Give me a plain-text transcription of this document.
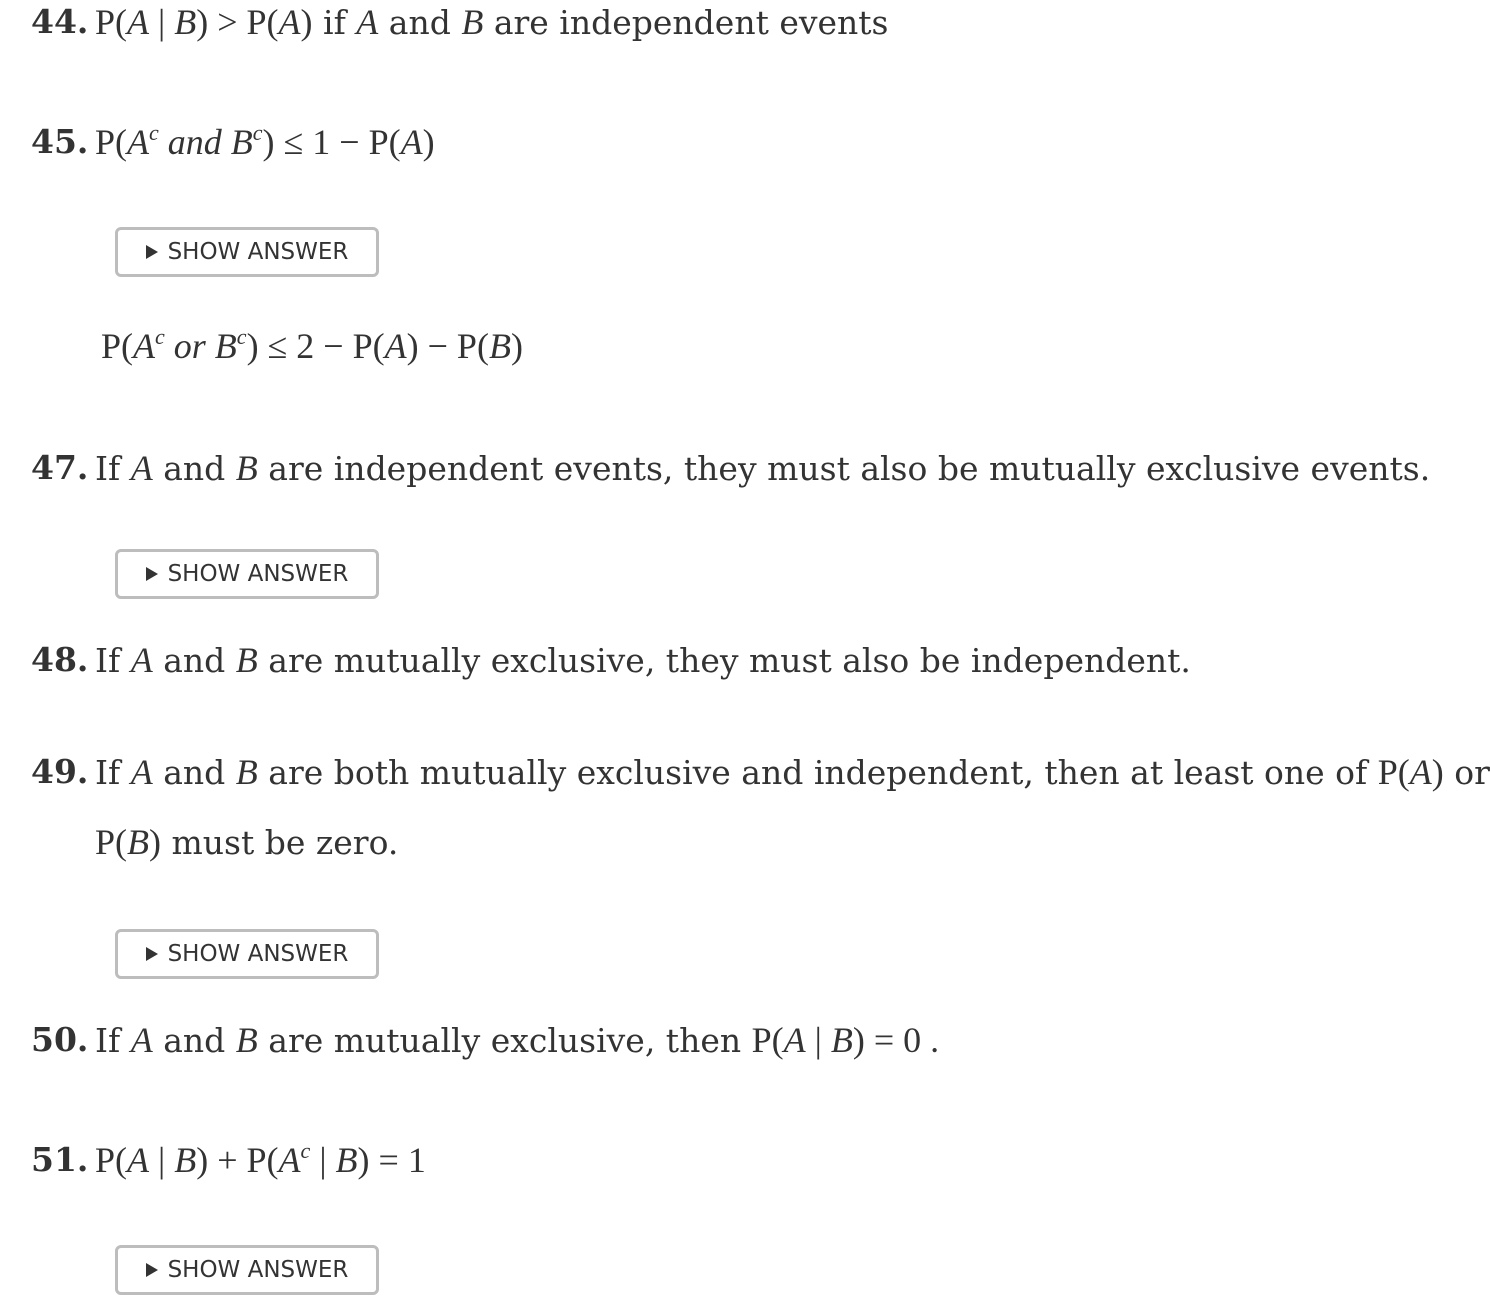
44. P(A | B) > P(A) if A and B are independent events
45. $P(A^c$ and $B^c) \le 1 - P(A)$
SHOW ANSWER
$P(A^c$ or $B^c) \le 2 - P(A) - P(B)$
47. If A and B are independent events, they must also be mutually exclusive events.
SHOW ANSWER
48. If A and B are mutually exclusive, they must also be independent.
49. If A and B are both mutually exclusive and independent, then at least one of P(A) or
P(B) must be zero.
SHOW ANSWER
50. If A and B are mutually exclusive, then P(A | B) = 0 .
51. P(A | $B) + P(A^c$ | B) = 1
SHOW ANSWER
